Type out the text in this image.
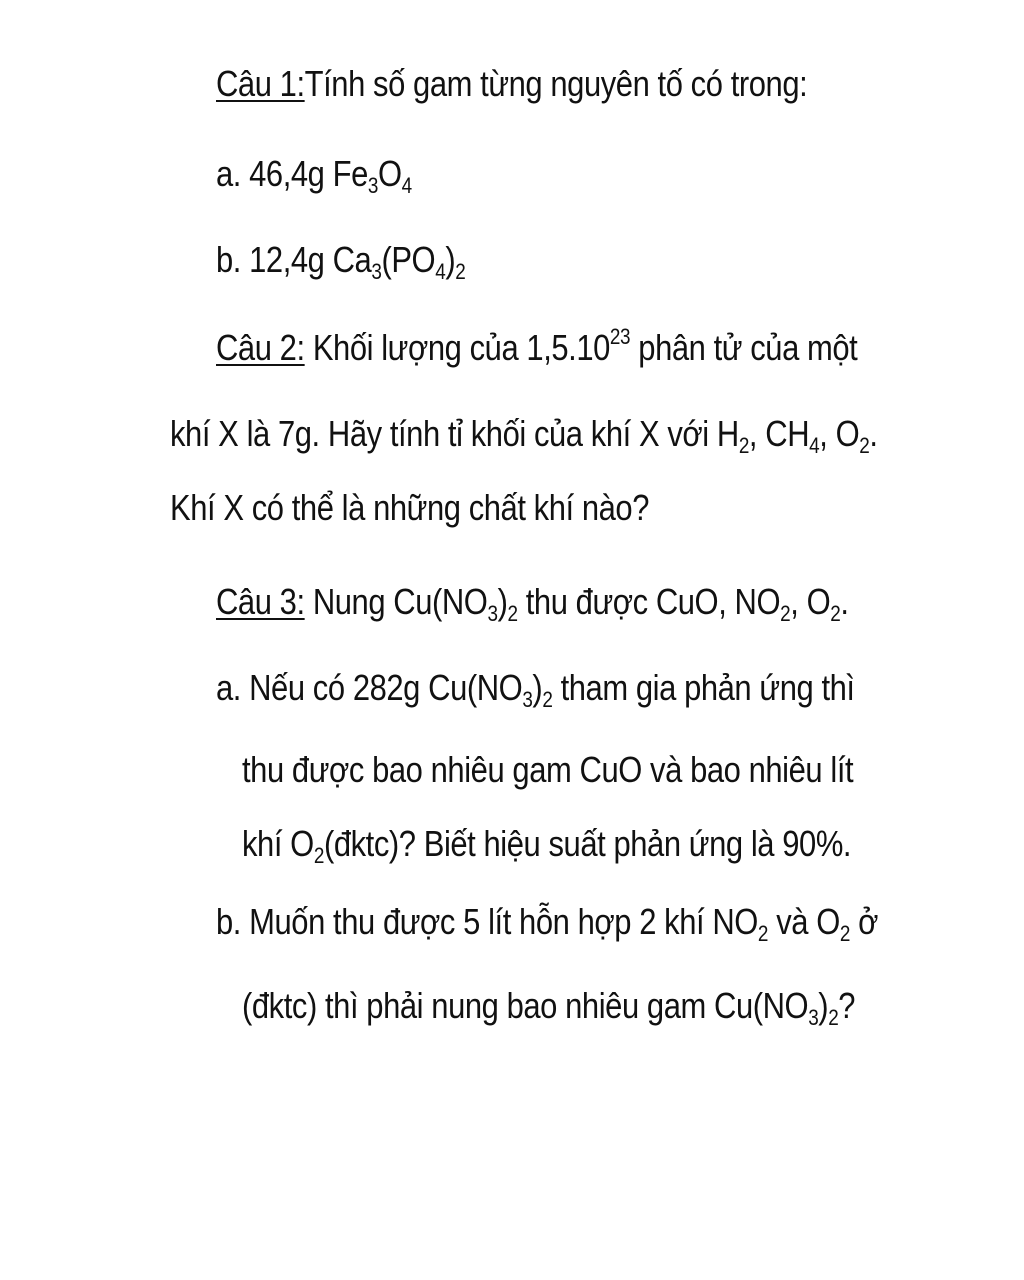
Câu 1:Tính số gam từng nguyên tố có trong:
a. 46,4g $Fe_3O_4$
b. 12,4g $Ca_3(PO_4)_2$
Câu 2: Khối lượng của 1,5.10$^{23}$ phân tử của một
khí X là 7g. Hãy tính tỉ khối của khí X với $H_2$, $CH_4$, $O_2$.
Khí X có thể là những chất khí nào?
Câu 3: Nung $Cu(NO_3)_2$ thu được CuO, $NO_2$, $O_2$.
a. Nếu có 282g $Cu(NO_3)_2$ tham gia phản ứng thì
thu được bao nhiêu gam CuO và bao nhiêu lít
khí $O_2(đktc)$? Biết hiệu suất phản ứng là 90%.
b. Muốn thu được 5 lít hỗn hợp 2 khí $NO_2$ và $O_2$ ở
(đktc) thì phải nung bao nhiêu gam $Cu(NO_3)_2$?
